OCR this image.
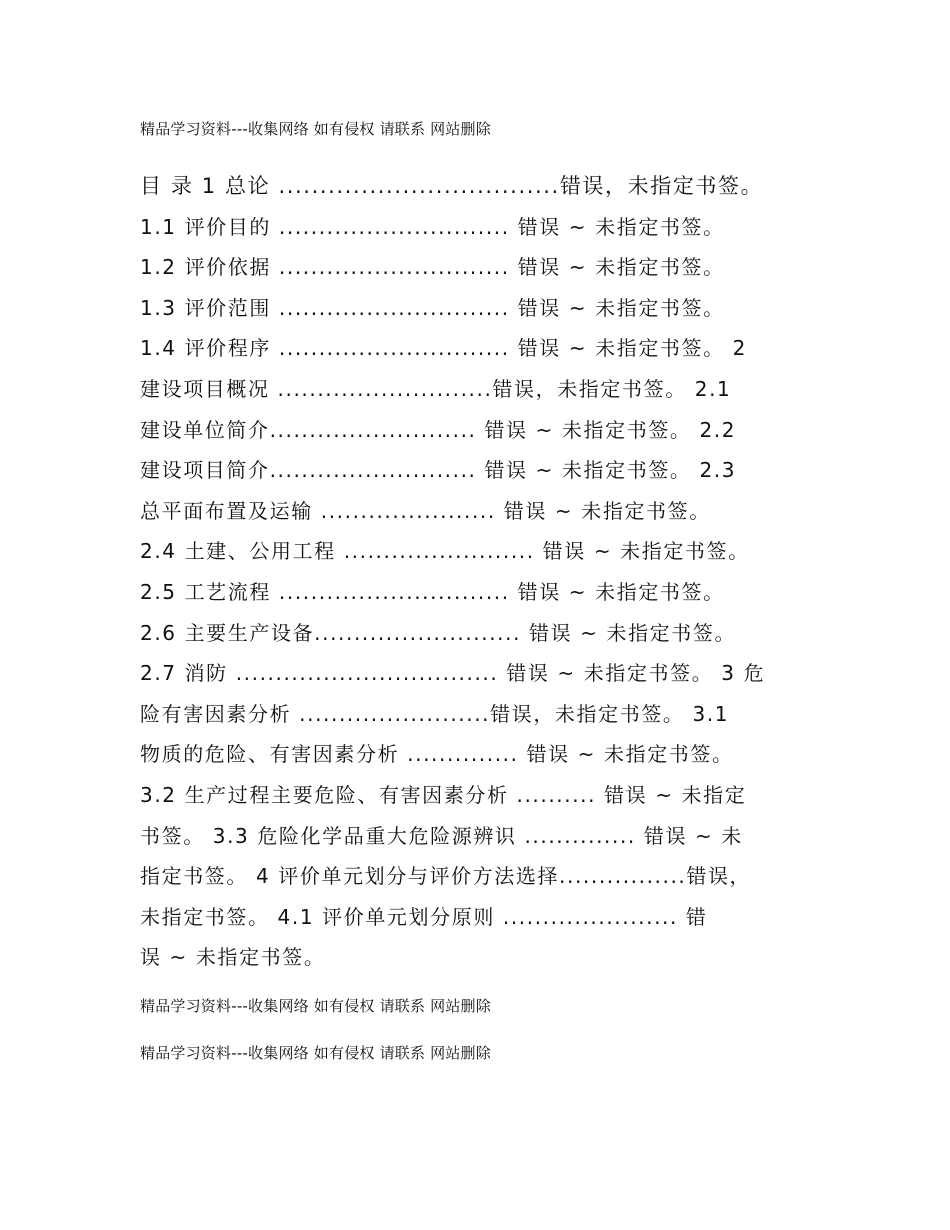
精品学习资料---收集网络 如有侵权 请联系 网站删除
目 录 1 总论 ..................................错误，未指定书签。
1.1 评价目的 ............................. 错误 ~ 未指定书签。
1.2 评价依据 ............................. 错误 ~ 未指定书签。
1.3 评价范围 ............................. 错误 ~ 未指定书签。
1.4 评价程序 ............................. 错误 ~ 未指定书签。 2
建设项目概况 ...........................错误，未指定书签。 2.1
建设单位简介.......................... 错误 ~ 未指定书签。 2.2
建设项目简介.......................... 错误 ~ 未指定书签。 2.3
总平面布置及运输 ...................... 错误 ~ 未指定书签。
2.4 土建、公用工程 ........................ 错误 ~ 未指定书签。
2.5 工艺流程 ............................. 错误 ~ 未指定书签。
2.6 主要生产设备.......................... 错误 ~ 未指定书签。
2.7 消防 ................................. 错误 ~ 未指定书签。 3 危
险有害因素分析 ........................错误，未指定书签。 3.1
物质的危险、有害因素分析 .............. 错误 ~ 未指定书签。
3.2 生产过程主要危险、有害因素分析 .......... 错误 ~ 未指定
书签。 3.3 危险化学品重大危险源辨识 .............. 错误 ~ 未
指定书签。 4 评价单元划分与评价方法选择................错误，
未指定书签。 4.1 评价单元划分原则 ...................... 错
误 ~ 未指定书签。
精品学习资料---收集网络 如有侵权 请联系 网站删除
精品学习资料---收集网络 如有侵权 请联系 网站删除
